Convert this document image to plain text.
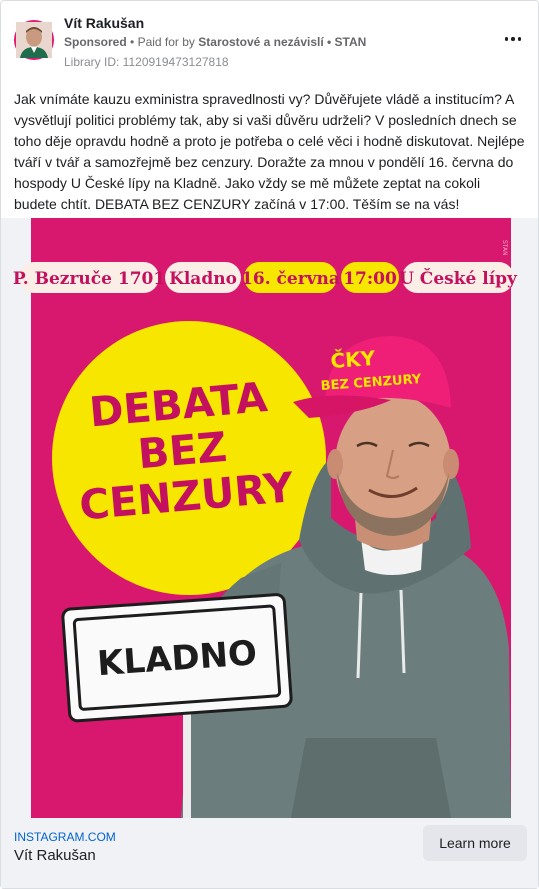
Vít Rakušan
Sponsored • Paid for by Starostové a nezávislí • STAN
Library ID: 1120919473127818
Jak vnímáte kauzu exministra spravedlnosti vy? Důvěřujete vládě a institucím? A vysvětlují politici problémy tak, aby si vaši důvěru udrželi? V posledních dnech se toho děje opravdu hodně a proto je potřeba o celé věci i hodně diskutovat. Nejlépe tváří v tvář a samozřejmě bez cenzury. Doražte za mnou v pondělí 16. června do hospody U České lípy na Kladně. Jako vždy se mě můžete zeptat na cokoli budete chtít. DEBATA BEZ CENZURY začíná v 17:00. Těším se na vás!
P. Bezruče 1701 Kladno 16. června 17:00 U České lípy
STAN
DEBATA
BEZ
CENZURY
ČKY
BEZ CENZURY
KLADNO
INSTAGRAM.COM
Vít Rakušan
Learn more
